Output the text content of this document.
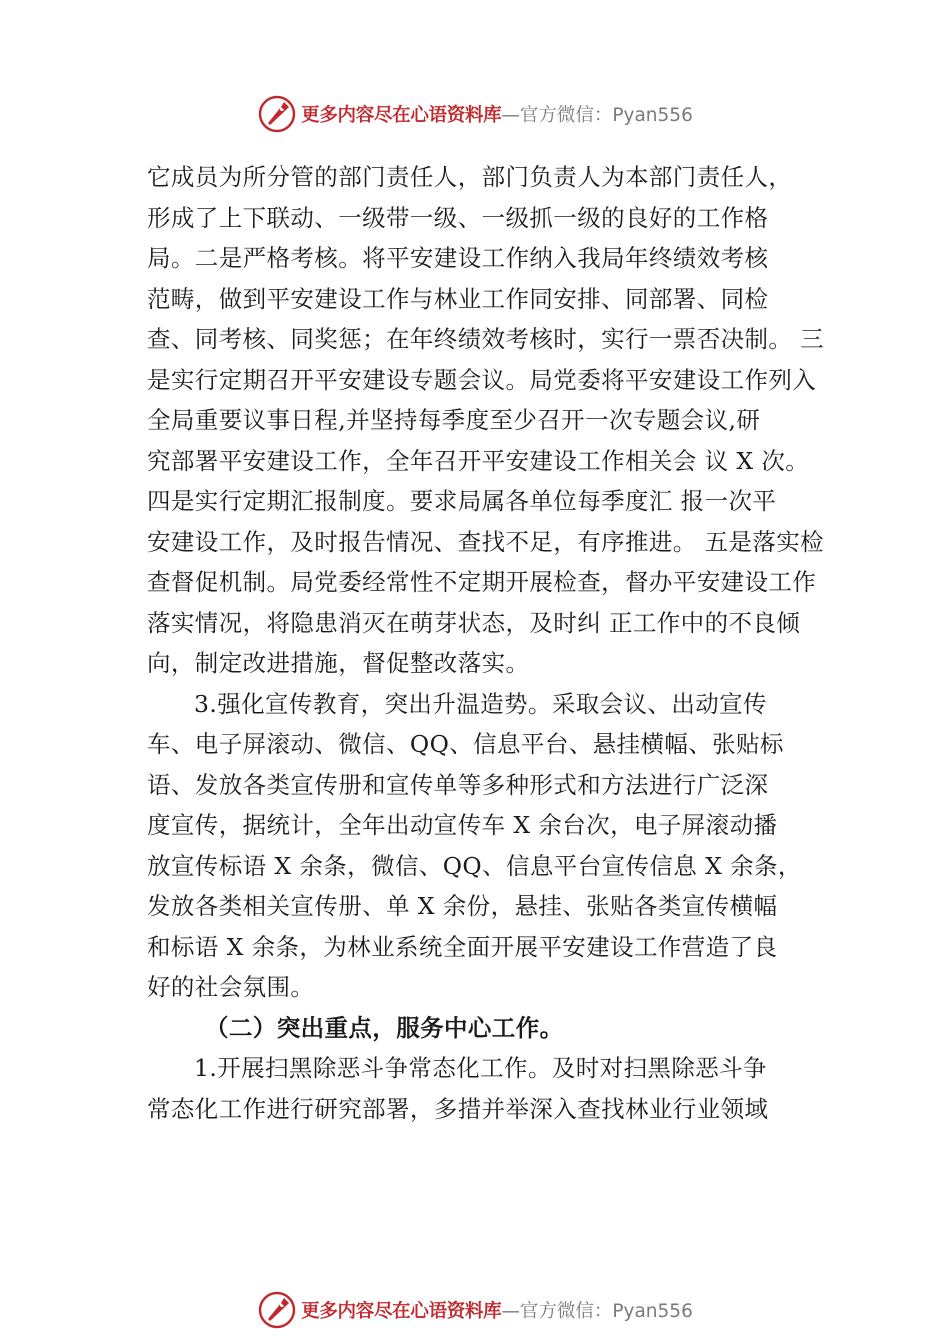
更多内容尽在心语资料库 —官方微信：Pyan556
它成员为所分管的部门责任人，部门负责人为本部门责任人，
形成了上下联动、一级带一级、一级抓一级的良好的工作格
局。二是严格考核。将平安建设工作纳入我局年终绩效考核
范畴，做到平安建设工作与林业工作同安排、同部署、同检
查、同考核、同奖惩；在年终绩效考核时，实行一票否决制。 三
是实行定期召开平安建设专题会议。局党委将平安建设工作列入
全局重要议事日程,并坚持每季度至少召开一次专题会议,研
究部署平安建设工作，全年召开平安建设工作相关会 议 X 次。
四是实行定期汇报制度。要求局属各单位每季度汇 报一次平
安建设工作，及时报告情况、查找不足，有序推进。 五是落实检
查督促机制。局党委经常性不定期开展检查，督办平安建设工作
落实情况，将隐患消灭在萌芽状态，及时纠 正工作中的不良倾
向，制定改进措施，督促整改落实。
3.强化宣传教育，突出升温造势。采取会议、出动宣传
车、电子屏滚动、微信、QQ、信息平台、悬挂横幅、张贴标
语、发放各类宣传册和宣传单等多种形式和方法进行广泛深
度宣传，据统计，全年出动宣传车 X 余台次，电子屏滚动播
放宣传标语 X 余条，微信、QQ、信息平台宣传信息 X 余条，
发放各类相关宣传册、单 X 余份，悬挂、张贴各类宣传横幅
和标语 X 余条，为林业系统全面开展平安建设工作营造了良
好的社会氛围。
（二）突出重点，服务中心工作。
1.开展扫黑除恶斗争常态化工作。及时对扫黑除恶斗争
常态化工作进行研究部署，多措并举深入查找林业行业领域
更多内容尽在心语资料库 —官方微信：Pyan556
